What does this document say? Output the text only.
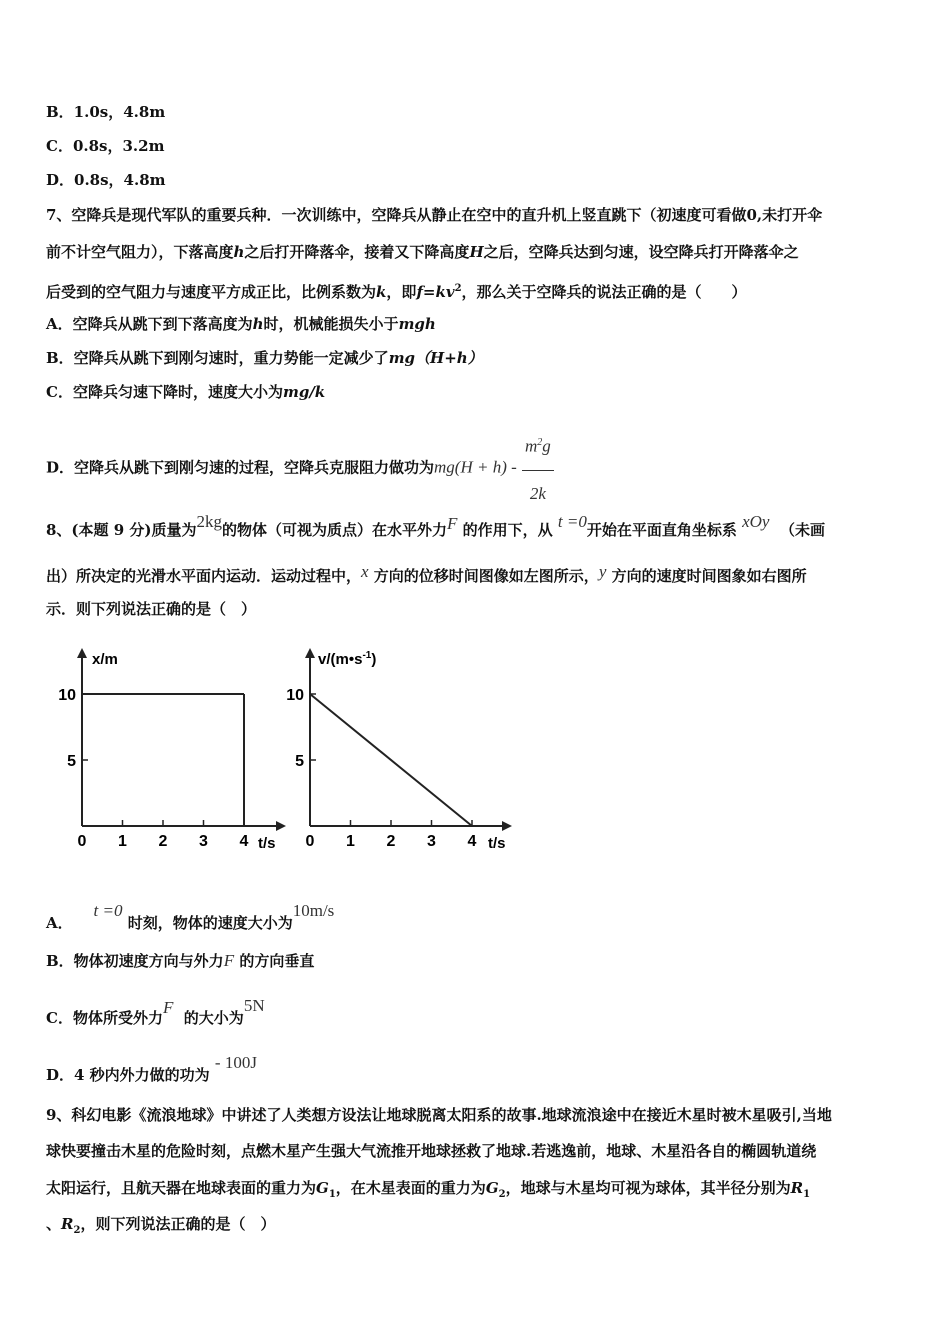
B．1.0s，4.8m
C．0.8s，3.2m
D．0.8s，4.8m
7、空降兵是现代军队的重要兵种．一次训练中，空降兵从静止在空中的直升机上竖直跳下（初速度可看做0,未打开伞
前不计空气阻力），下落高度h之后打开降落伞，接着又下降高度H之后，空降兵达到匀速，设空降兵打开降落伞之
后受到的空气阻力与速度平方成正比，比例系数为k，即$f=kv^2$，那么关于空降兵的说法正确的是（　　）
A．空降兵从跳下到下落高度为h时，机械能损失小于mgh
B．空降兵从跳下到刚匀速时，重力势能一定减少了mg（H+h）
C．空降兵匀速下降时，速度大小为mg/k
D．空降兵从跳下到刚匀速的过程，空降兵克服阻力做功为$mg(H + h) - \frac{m^2g}{2k}$
8、(本题 9 分)质量为2kg的物体（可视为质点）在水平外力F 的作用下，从 t =0开始在平面直角坐标系 xOy （未画
出）所决定的光滑水平面内运动．运动过程中，x 方向的位移时间图像如左图所示，y 方向的速度时间图象如右图所
示．则下列说法正确的是（　）
x/m
t/s
0 1 2 3 4
5
10
$v/(m•s^{-1})$
t/s
0 1 2 3 4
5
10
A．    t =0 时刻，物体的速度大小为10m/s
B．物体初速度方向与外力F 的方向垂直
C．物体所受外力F  的大小为5N
D．4 秒内外力做的功为 - 100J
9、科幻电影《流浪地球》中讲述了人类想方设法让地球脱离太阳系的故事.地球流浪途中在接近木星时被木星吸引,当地
球快要撞击木星的危险时刻，点燃木星产生强大气流推开地球拯救了地球.若逃逸前，地球、木星沿各自的椭圆轨道绕
太阳运行，且航天器在地球表面的重力为$G_1$，在木星表面的重力为$G_2$，地球与木星均可视为球体，其半径分别为$R_1$
、$R_2$，则下列说法正确的是（　）
